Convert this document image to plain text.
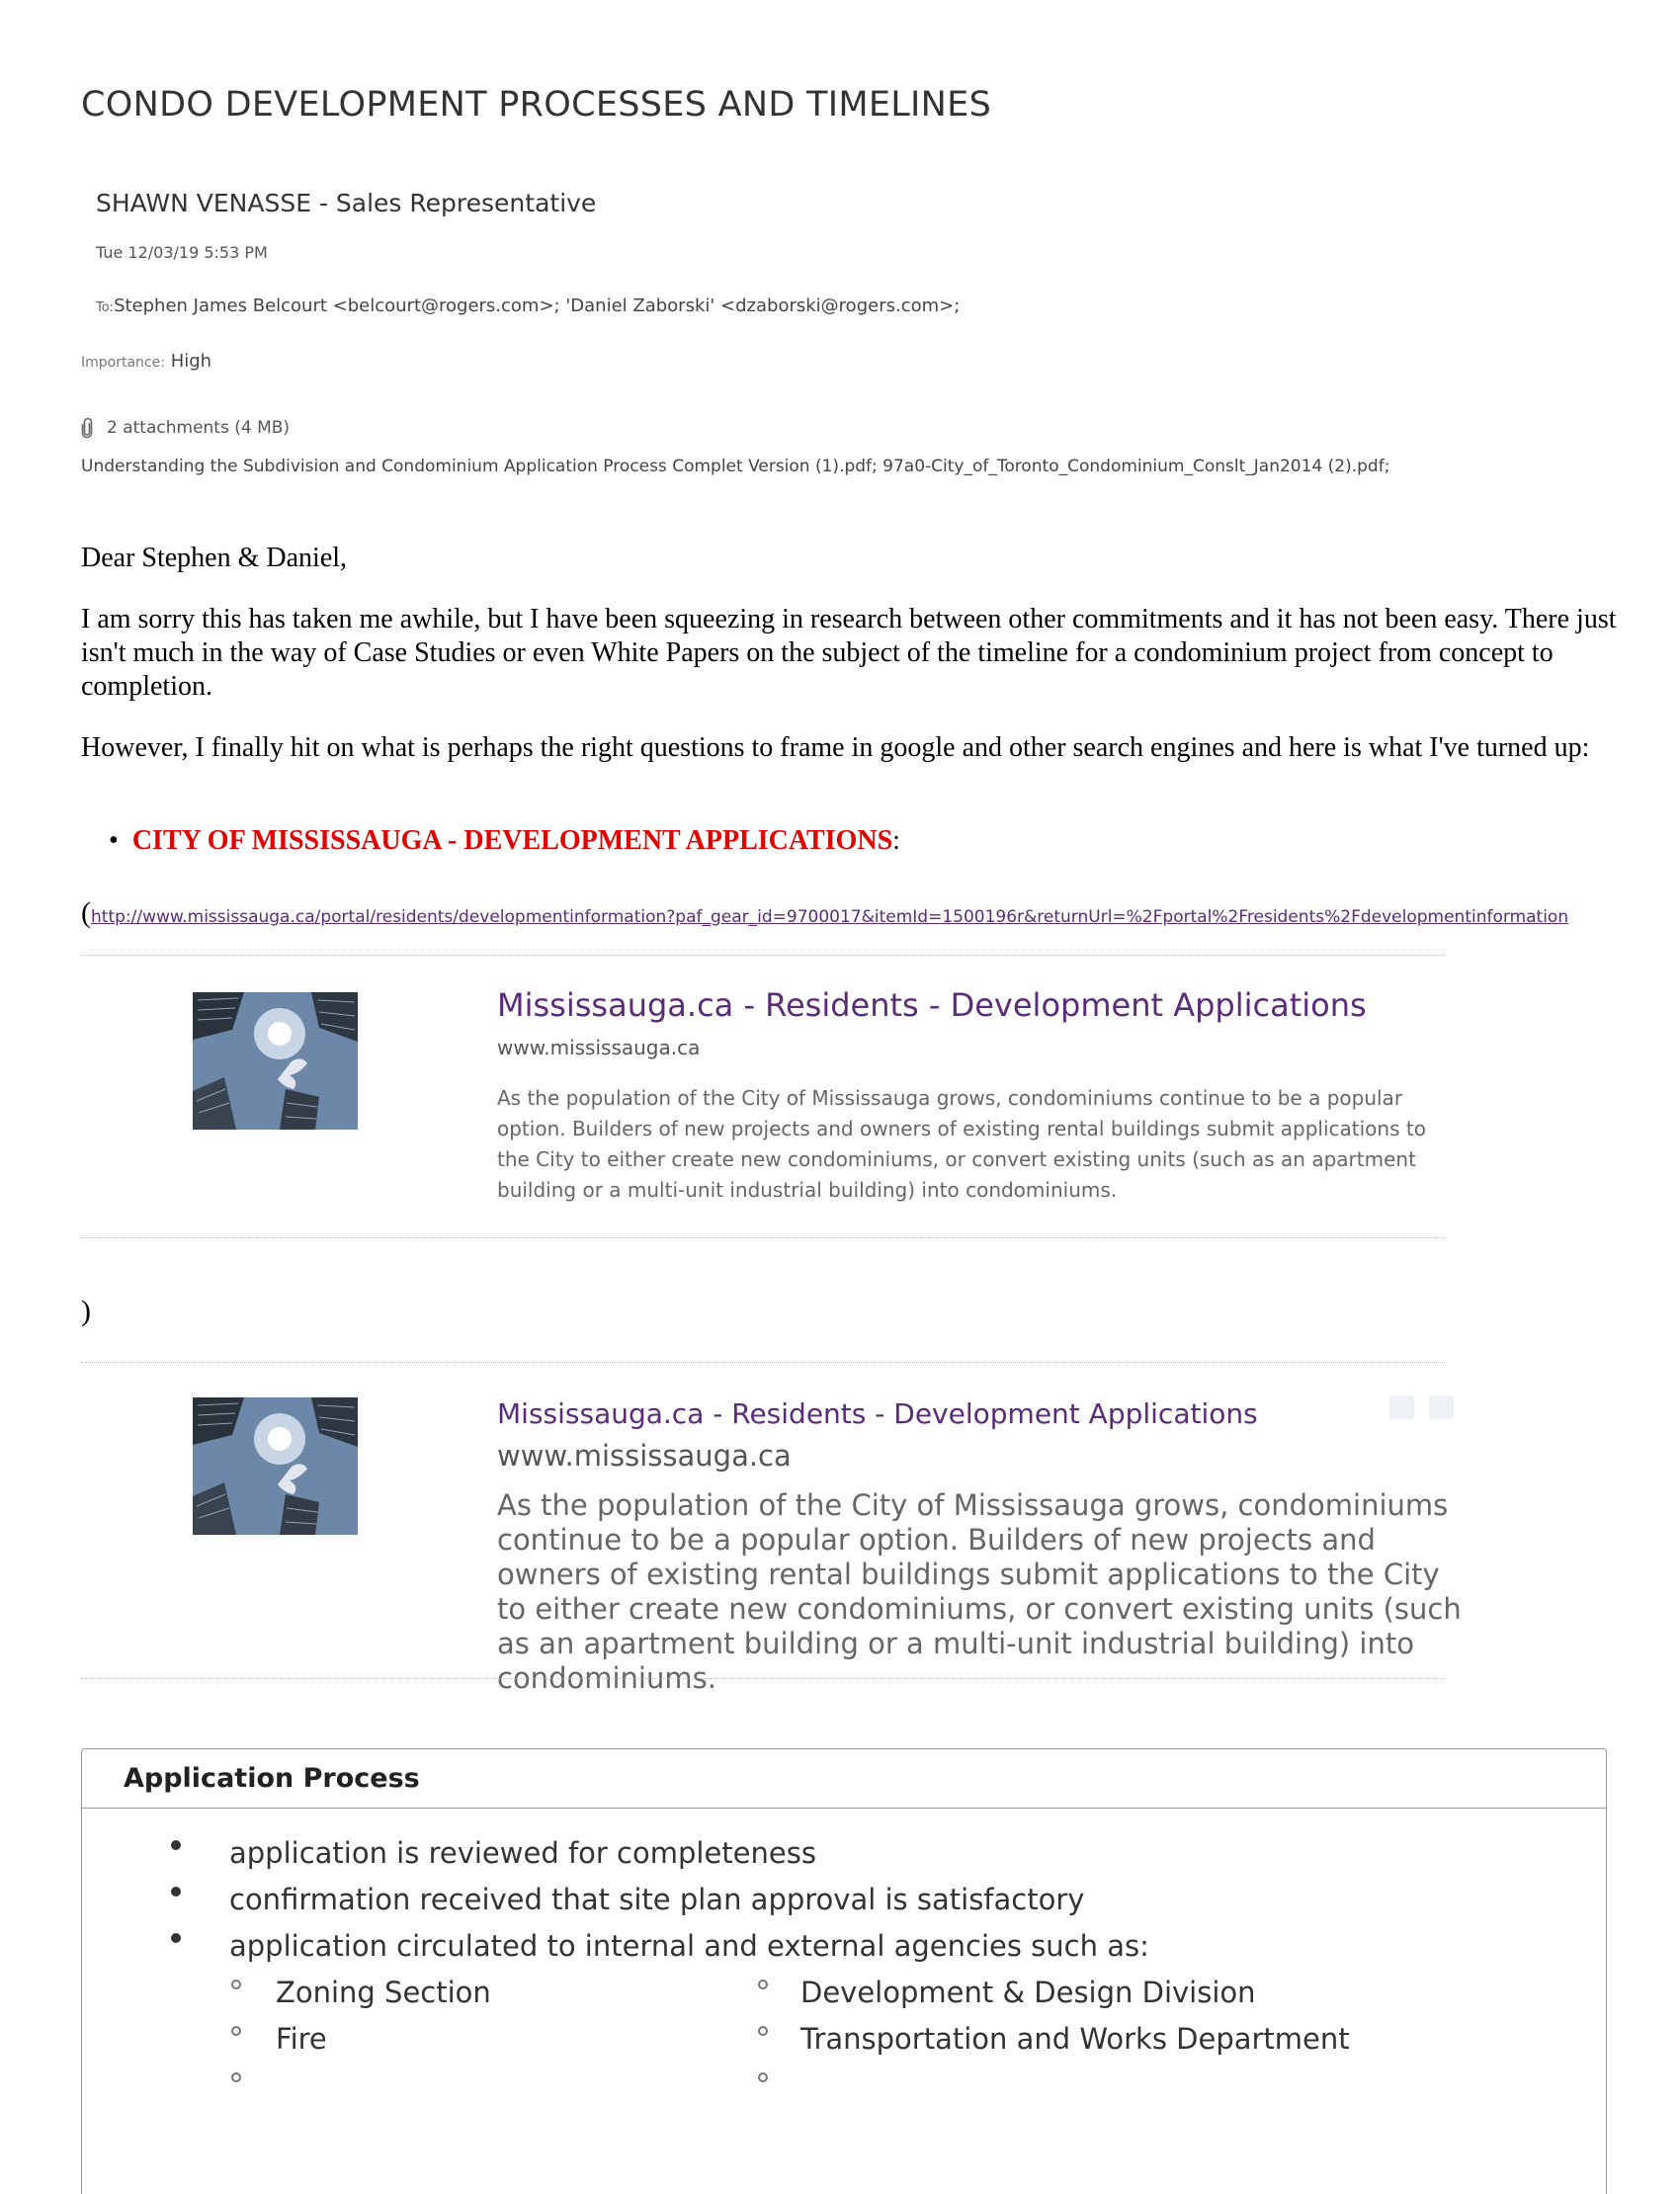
CONDO DEVELOPMENT PROCESSES AND TIMELINES
SHAWN VENASSE - Sales Representative
Tue 12/03/19 5:53 PM
To:Stephen James Belcourt <belcourt@rogers.com>; 'Daniel Zaborski' <dzaborski@rogers.com>;
Importance: High
2 attachments (4 MB)
Understanding the Subdivision and Condominium Application Process Complet Version (1).pdf; 97a0-City_of_Toronto_Condominium_Conslt_Jan2014 (2).pdf;
Dear Stephen & Daniel,
I am sorry this has taken me awhile, but I have been squeezing in research between other commitments and it has not been easy. There just isn't much in the way of Case Studies or even White Papers on the subject of the timeline for a condominium project from concept to completion.
However, I finally hit on what is perhaps the right questions to frame in google and other search engines and here is what I've turned up:
•  CITY OF MISSISSAUGA - DEVELOPMENT APPLICATIONS:
(http://www.mississauga.ca/portal/residents/developmentinformation?paf_gear_id=9700017&itemId=1500196r&returnUrl=%2Fportal%2Fresidents%2Fdevelopmentinformation
Mississauga.ca - Residents - Development Applications
www.mississauga.ca
As the population of the City of Mississauga grows, condominiums continue to be a popular option. Builders of new projects and owners of existing rental buildings submit applications to the City to either create new condominiums, or convert existing units (such as an apartment building or a multi-unit industrial building) into condominiums.
)
Mississauga.ca - Residents - Development Applications
www.mississauga.ca
As the population of the City of Mississauga grows, condominiums continue to be a popular option. Builders of new projects and owners of existing rental buildings submit applications to the City to either create new condominiums, or convert existing units (such as an apartment building or a multi-unit industrial building) into condominiums.
Application Process
application is reviewed for completeness
confirmation received that site plan approval is satisfactory
application circulated to internal and external agencies such as:
Zoning Section	Development & Design Division
Fire	Transportation and Works Department
